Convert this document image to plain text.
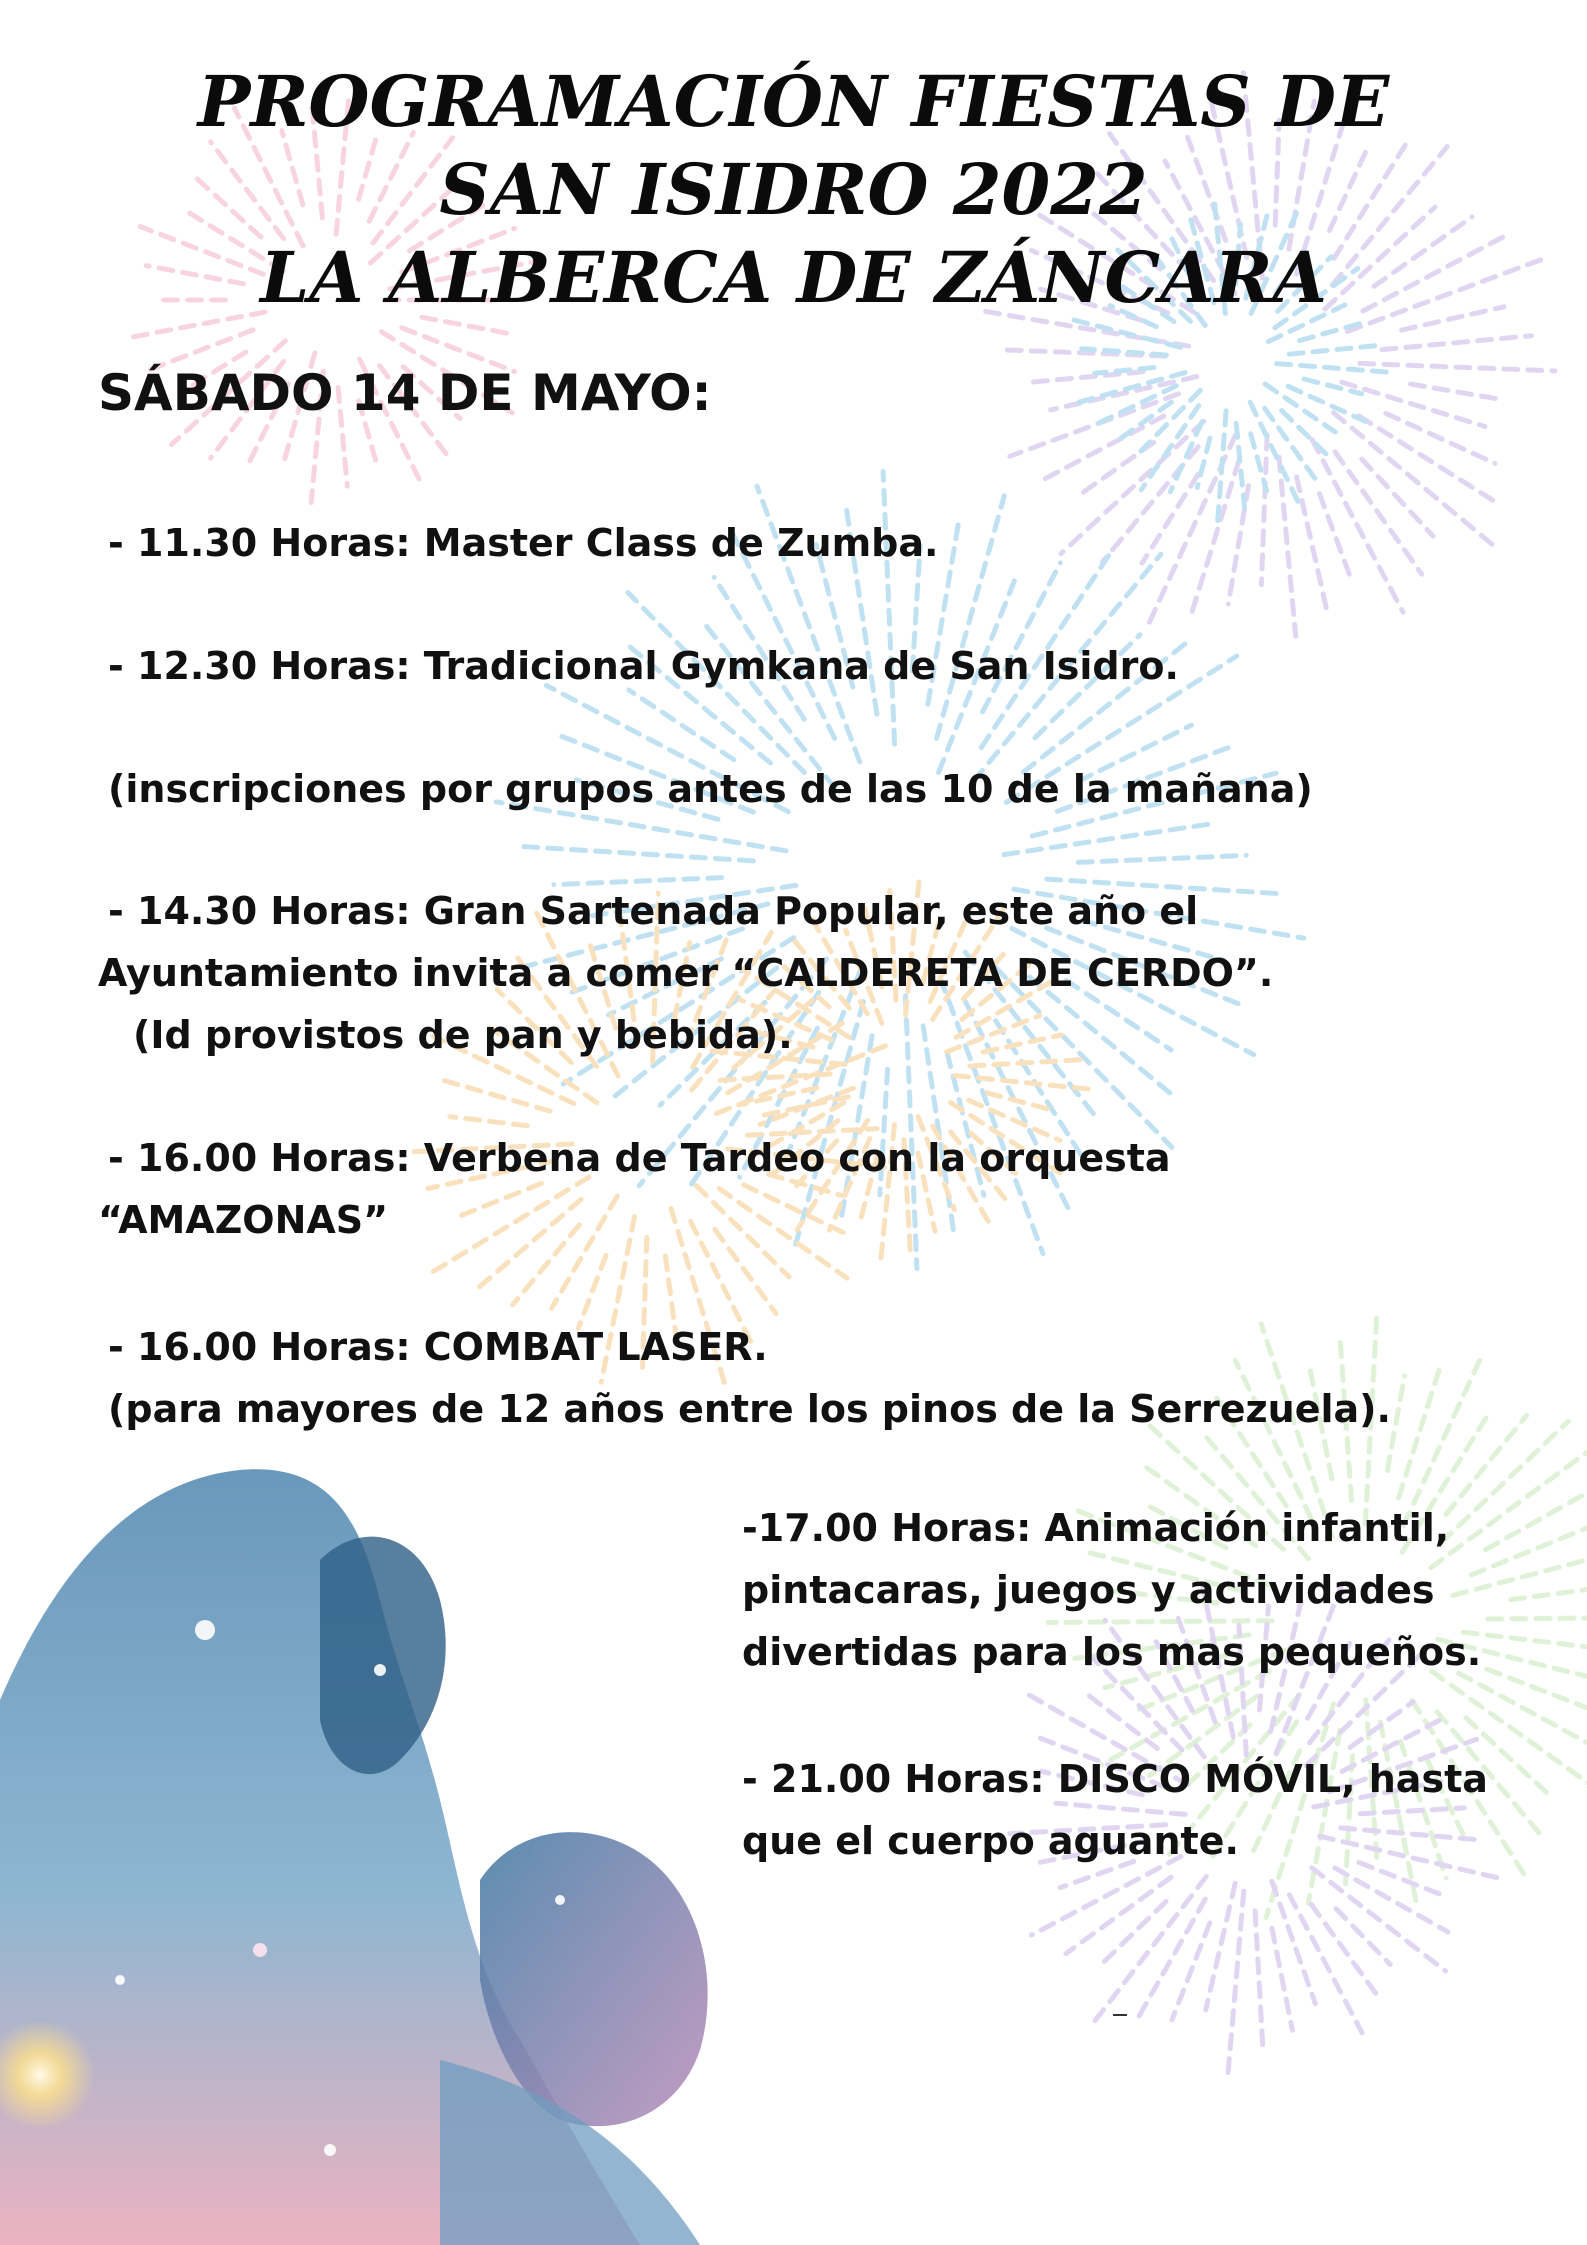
PROGRAMACIÓN FIESTAS DE
SAN ISIDRO 2022
LA ALBERCA DE ZÁNCARA
SÁBADO 14 DE MAYO:
- 11.30 Horas: Master Class de Zumba.
- 12.30 Horas: Tradicional Gymkana de San Isidro.
(inscripciones por grupos antes de las 10 de la mañana)
- 14.30 Horas: Gran Sartenada Popular, este año el
Ayuntamiento invita a comer “CALDERETA DE CERDO”.
(Id provistos de pan y bebida).
- 16.00 Horas: Verbena de Tardeo con la orquesta
“AMAZONAS”
- 16.00 Horas: COMBAT LASER.
(para mayores de 12 años entre los pinos de la Serrezuela).
-17.00 Horas: Animación infantil,
pintacaras, juegos y actividades
divertidas para los mas pequeños.
- 21.00 Horas: DISCO MÓVIL, hasta
que el cuerpo aguante.
